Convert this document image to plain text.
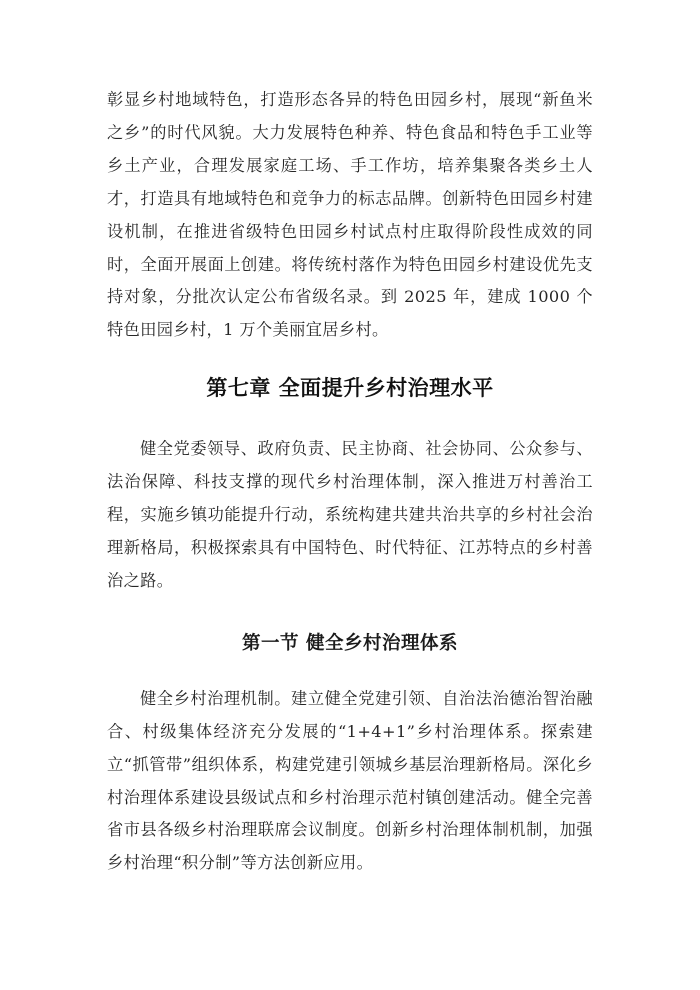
彰显乡村地域特色，打造形态各异的特色田园乡村，展现“新鱼米之乡”的时代风貌。大力发展特色种养、特色食品和特色手工业等乡土产业，合理发展家庭工场、手工作坊，培养集聚各类乡土人才，打造具有地域特色和竞争力的标志品牌。创新特色田园乡村建设机制，在推进省级特色田园乡村试点村庄取得阶段性成效的同时，全面开展面上创建。将传统村落作为特色田园乡村建设优先支持对象，分批次认定公布省级名录。到 2025 年，建成 1000 个特色田园乡村，1 万个美丽宜居乡村。

第七章 全面提升乡村治理水平

健全党委领导、政府负责、民主协商、社会协同、公众参与、法治保障、科技支撑的现代乡村治理体制，深入推进万村善治工程，实施乡镇功能提升行动，系统构建共建共治共享的乡村社会治理新格局，积极探索具有中国特色、时代特征、江苏特点的乡村善治之路。

第一节 健全乡村治理体系

健全乡村治理机制。建立健全党建引领、自治法治德治智治融合、村级集体经济充分发展的“1+4+1”乡村治理体系。探索建立“抓管带”组织体系，构建党建引领城乡基层治理新格局。深化乡村治理体系建设县级试点和乡村治理示范村镇创建活动。健全完善省市县各级乡村治理联席会议制度。创新乡村治理体制机制，加强乡村治理“积分制”等方法创新应用。
